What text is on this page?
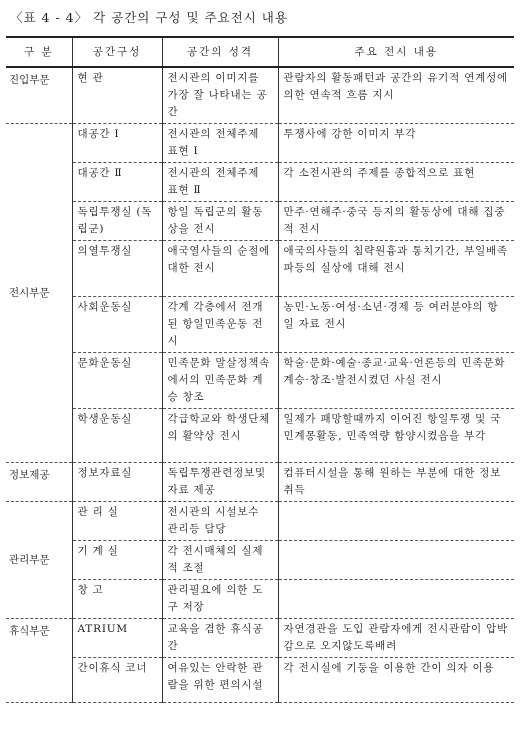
〈표 4 - 4〉 각 공간의 구성 및 주요전시 내용
구 분	공간구성	공간의 성격	주요 전시 내용
진입부문	현 관	전시관의 이미지를 가장 잘 나타내는 공간	관람자의 활동패턴과 공간의 유기적 연계성에 의한 연속적 흐름 지시
전시부문	대공간 Ⅰ	전시관의 전체주제 표현 Ⅰ	투쟁사에 강한 이미지 부각
	대공간 Ⅱ	전시관의 전체주제 표현 Ⅱ	각 소전시관의 주제를 종합적으로 표현
	독립투쟁실 (독립군)	항일 독립군의 활동상을 전시	만주·연해주·중국 등지의 활동상에 대해 집중적 전시
	의열투쟁실	애국열사들의 순절에 대한 전시	애국의사들의 침략원흉과 통치기간, 부일배족파등의 실상에 대해 전시
	사회운동실	각계 각층에서 전개된 항일민족운동 전시	농민·노동·여성·소년·경제 등 여러분야의 항일 자료 전시
	문화운동실	민족문화 말살정책속에서의 민족문화 계승 창조	학술·문화·예술·종교·교육·언론등의 민족문화 계승·창조·발전시켰던 사실 전시
	학생운동실	각급학교와 학생단체의 활약상 전시	일제가 패망할때까지 이어진 항일투쟁 및 국민계몽활동, 민족역량 함양시켰음을 부각
정보제공	정보자료실	독립투쟁관련정보및 자료 제공	컴퓨터시설을 통해 원하는 부분에 대한 정보취득
관리부문	관 리 실	전시관의 시설보수 관리등 담당	
	기 계 실	각 전시매체의 실제적 조절	
	창 고	관리필요에 의한 도구 저장	
휴식부문	ATRIUM	교육을 겸한 휴식공간	자연경관을 도입 관람자에게 전시관람이 압박감으로 오지않도록배려
	간이휴식 코너	여유있는 안락한 관람을 위한 편의시설	각 전시실에 기둥을 이용한 간이 의자 이용
